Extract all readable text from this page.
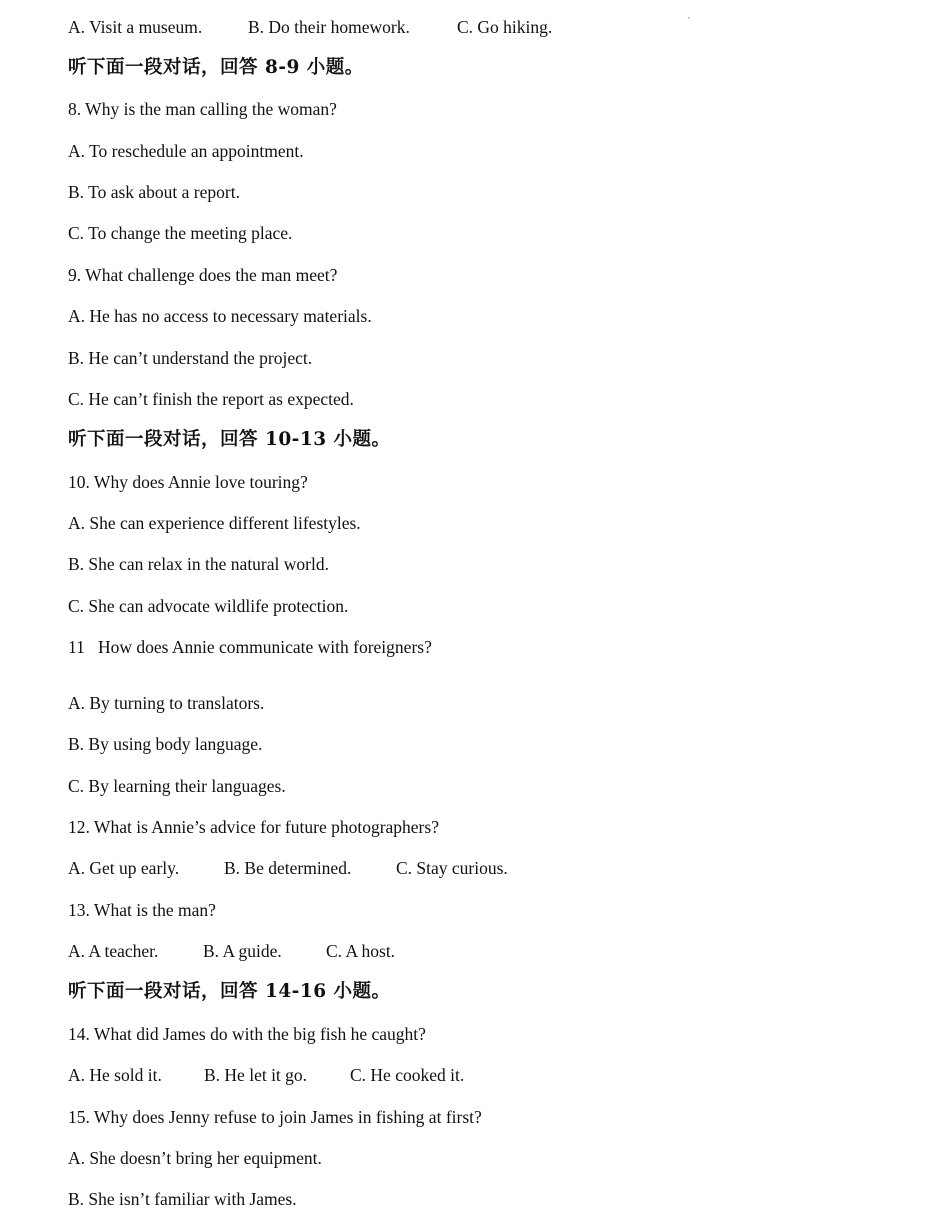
A. Visit a museum.	B. Do their homework.	C. Go hiking.

听下面一段对话，回答 8-9 小题。

8. Why is the man calling the woman?

A. To reschedule an appointment.

B. To ask about a report.

C. To change the meeting place.

9. What challenge does the man meet?

A. He has no access to necessary materials.

B. He can’t understand the project.

C. He can’t finish the report as expected.

听下面一段对话，回答 10-13 小题。

10. Why does Annie love touring?

A. She can experience different lifestyles.

B. She can relax in the natural world.

C. She can advocate wildlife protection.

11   How does Annie communicate with foreigners?

A. By turning to translators.

B. By using body language.

C. By learning their languages.

12. What is Annie’s advice for future photographers?

A. Get up early.	B. Be determined.	C. Stay curious.

13. What is the man?

A. A teacher.	B. A guide.	C. A host.

听下面一段对话，回答 14-16 小题。

14. What did James do with the big fish he caught?

A. He sold it. B. He let it go. C. He cooked it.

15. Why does Jenny refuse to join James in fishing at first?

A. She doesn’t bring her equipment.

B. She isn’t familiar with James.
